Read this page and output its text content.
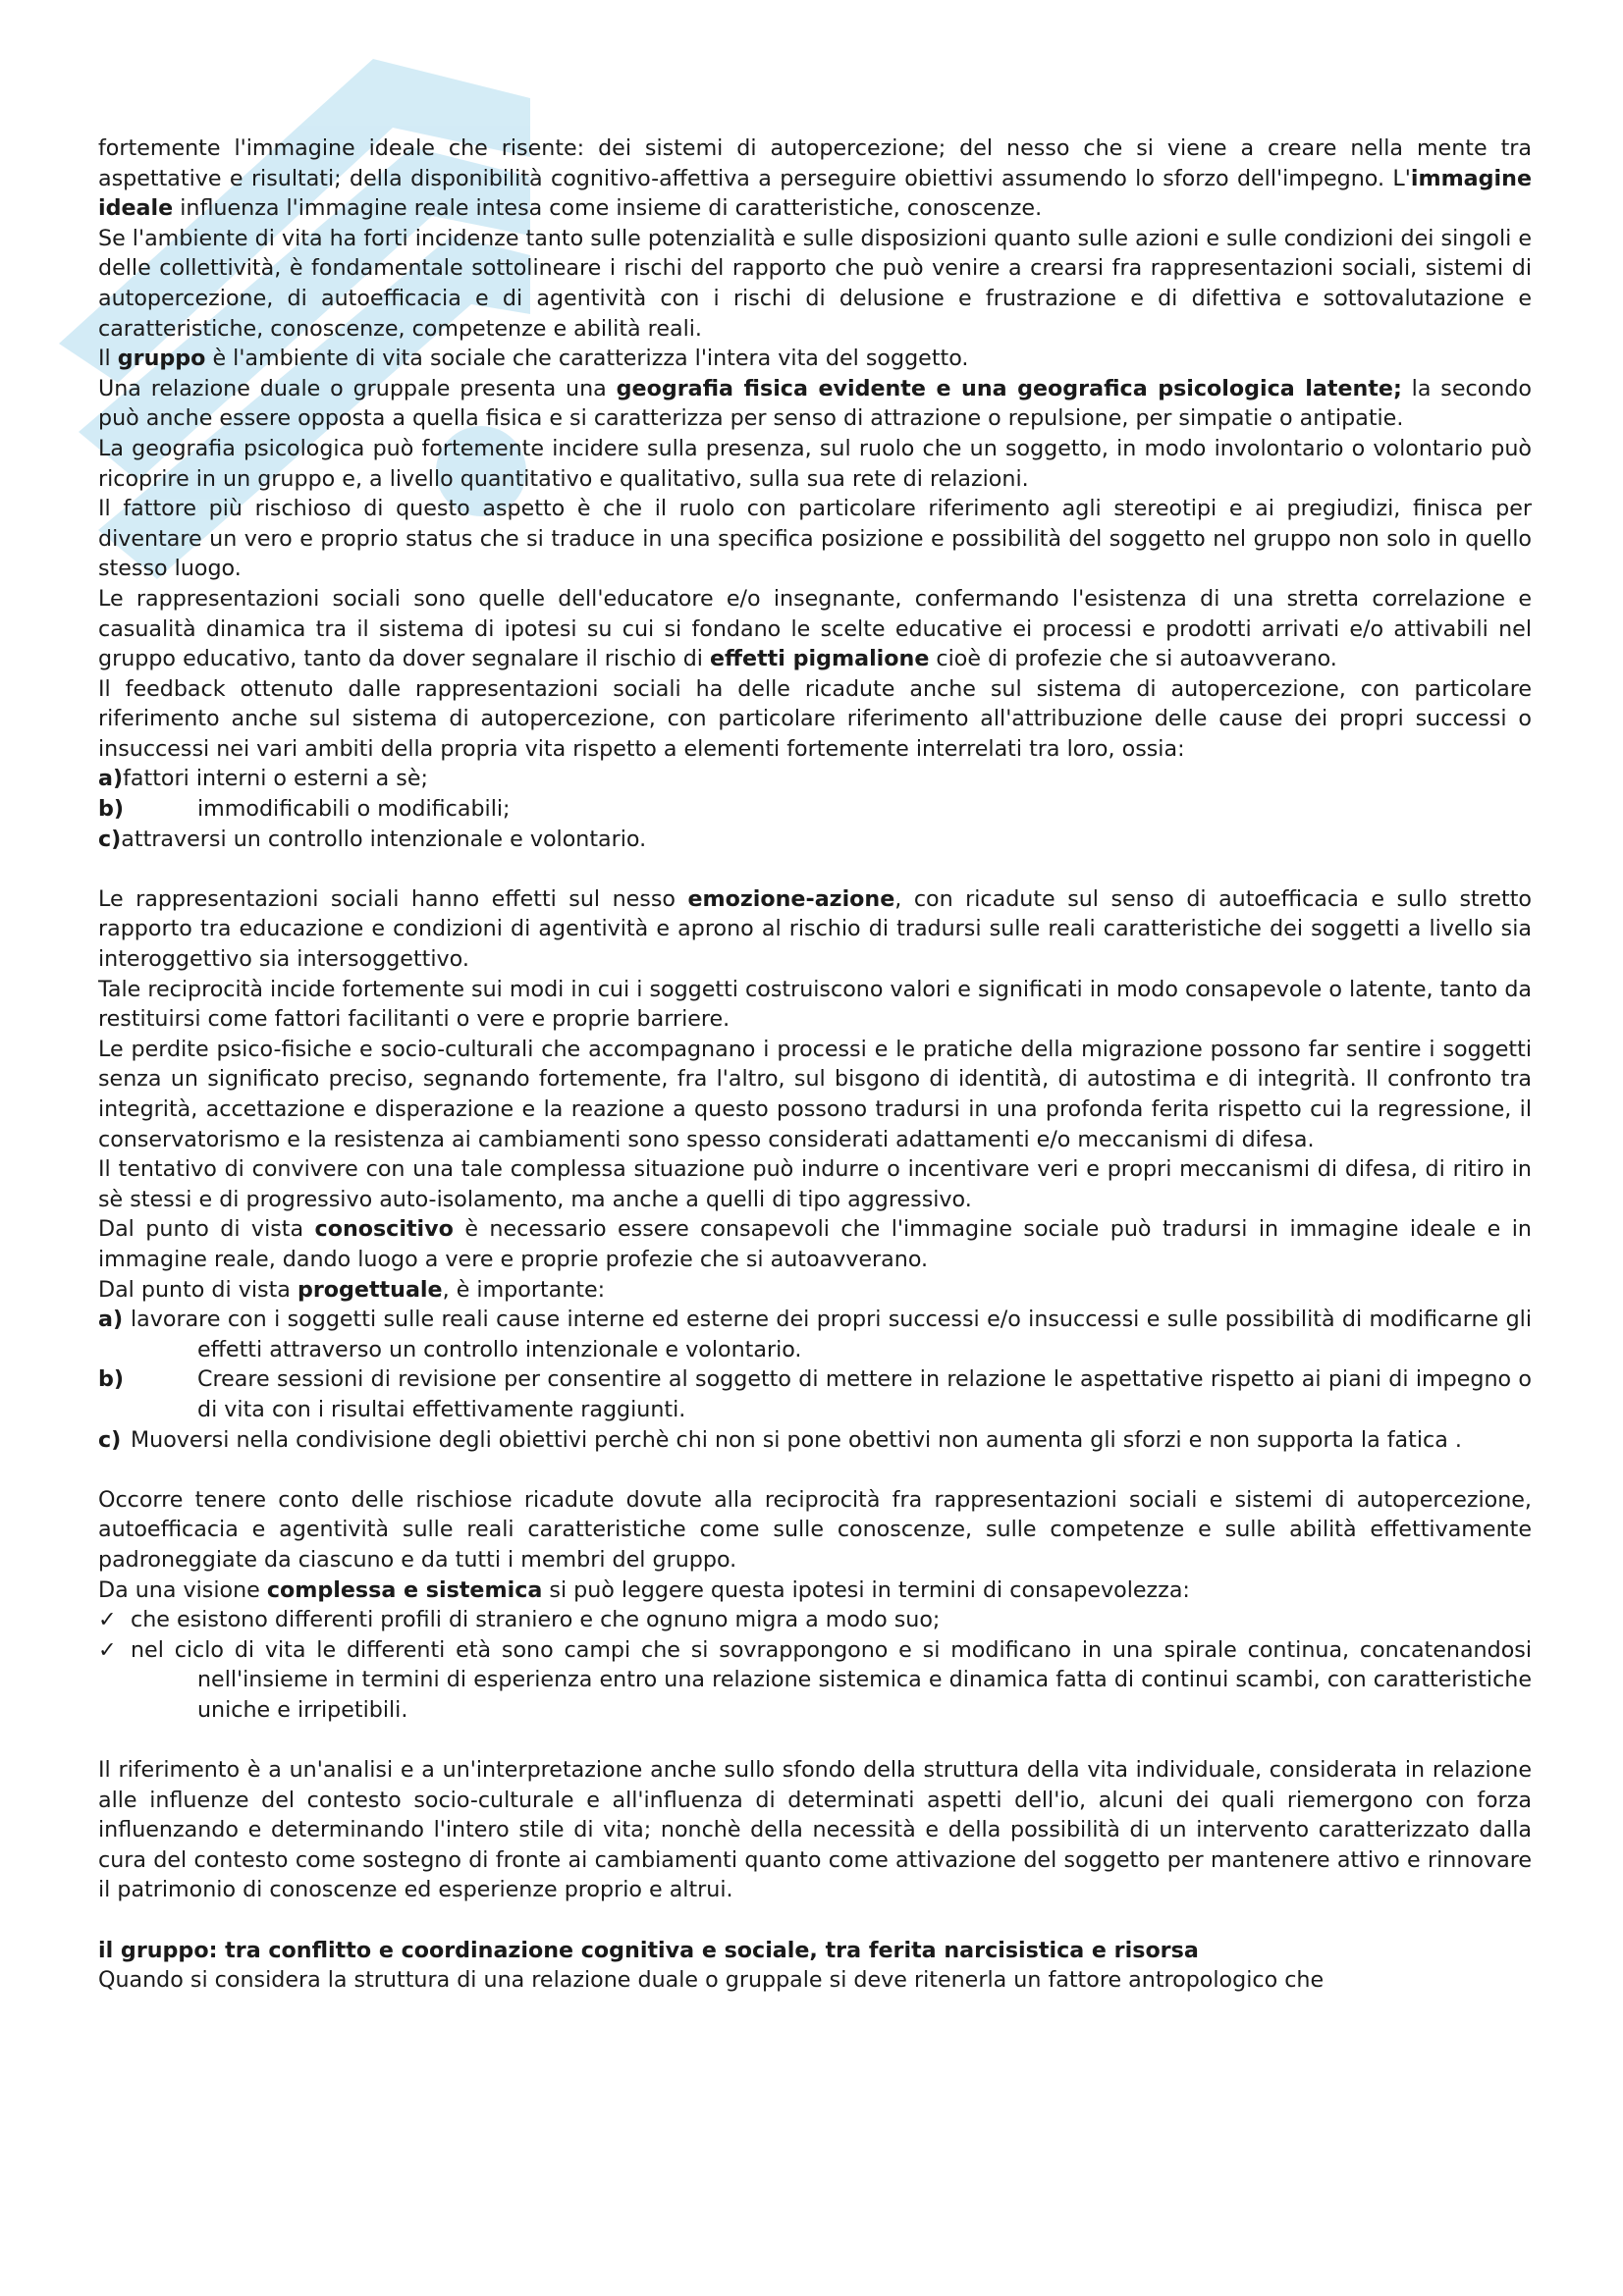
fortemente l'immagine ideale che risente: dei sistemi di autopercezione; del nesso che si viene a creare nella mente tra aspettative e risultati; della disponibilità cognitivo-affettiva a perseguire obiettivi assumendo lo sforzo dell'impegno. L'immagine ideale influenza l'immagine reale intesa come insieme di caratteristiche, conoscenze.

Se l'ambiente di vita ha forti incidenze tanto sulle potenzialità e sulle disposizioni quanto sulle azioni e sulle condizioni dei singoli e delle collettività, è fondamentale sottolineare i rischi del rapporto che può venire a crearsi fra rappresentazioni sociali, sistemi di autopercezione, di autoefficacia e di agentività con i rischi di delusione e frustrazione e di difettiva e sottovalutazione e caratteristiche, conoscenze, competenze e abilità reali.

Il gruppo è l'ambiente di vita sociale che caratterizza l'intera vita del soggetto.

Una relazione duale o gruppale presenta una geografia fisica evidente e una geografica psicologica latente; la secondo può anche essere opposta a quella fisica e si caratterizza per senso di attrazione o repulsione, per simpatie o antipatie.

La geografia psicologica può fortemente incidere sulla presenza, sul ruolo che un soggetto, in modo involontario o volontario può ricoprire in un gruppo e, a livello quantitativo e qualitativo, sulla sua rete di relazioni.

Il fattore più rischioso di questo aspetto è che il ruolo con particolare riferimento agli stereotipi e ai pregiudizi, finisca per diventare un vero e proprio status che si traduce in una specifica posizione e possibilità del soggetto nel gruppo non solo in quello stesso luogo.

Le rappresentazioni sociali sono quelle dell'educatore e/o insegnante, confermando l'esistenza di una stretta correlazione e casualità dinamica tra il sistema di ipotesi su cui si fondano le scelte educative ei processi e prodotti arrivati e/o attivabili nel gruppo educativo, tanto da dover segnalare il rischio di effetti pigmalione cioè di profezie che si autoavverano.

Il feedback ottenuto dalle rappresentazioni sociali ha delle ricadute anche sul sistema di autopercezione, con particolare riferimento anche sul sistema di autopercezione, con particolare riferimento all'attribuzione delle cause dei propri successi o insuccessi nei vari ambiti della propria vita rispetto a elementi fortemente interrelati tra loro, ossia:

a)fattori interni o esterni a sè;

b)	immodificabili o modificabili;

c)attraversi un controllo intenzionale e volontario.

Le rappresentazioni sociali hanno effetti sul nesso emozione-azione, con ricadute sul senso di autoefficacia e sullo stretto rapporto tra educazione e condizioni di agentività e aprono al rischio di tradursi sulle reali caratteristiche dei soggetti a livello sia interoggettivo sia intersoggettivo.

Tale reciprocità incide fortemente sui modi in cui i soggetti costruiscono valori e significati in modo consapevole o latente, tanto da restituirsi come fattori facilitanti o vere e proprie barriere.

Le perdite psico-fisiche e socio-culturali che accompagnano i processi e le pratiche della migrazione possono far sentire i soggetti senza un significato preciso, segnando fortemente, fra l'altro, sul bisgono di identità, di autostima e di integrità. Il confronto tra integrità, accettazione e disperazione e la reazione a questo possono tradursi in una profonda ferita rispetto cui la regressione, il conservatorismo e la resistenza ai cambiamenti sono spesso considerati adattamenti e/o meccanismi di difesa.

Il tentativo di convivere con una tale complessa situazione può indurre o incentivare veri e propri meccanismi di difesa, di ritiro in sè stessi e di progressivo auto-isolamento, ma anche a quelli di tipo aggressivo.

Dal punto di vista conoscitivo è necessario essere consapevoli che l'immagine sociale può tradursi in immagine ideale e in immagine reale, dando luogo a vere e proprie profezie che si autoavverano.

Dal punto di vista progettuale, è importante:

a) lavorare con i soggetti sulle reali cause interne ed esterne dei propri successi e/o insuccessi e sulle possibilità di modificarne gli effetti attraverso un controllo intenzionale e volontario.

b)	Creare sessioni di revisione per consentire al soggetto di mettere in relazione le aspettative rispetto ai piani di impegno o di vita con i risultai effettivamente raggiunti.

c) Muoversi nella condivisione degli obiettivi perchè chi non si pone obettivi non aumenta gli sforzi e non supporta la fatica .

Occorre tenere conto delle rischiose ricadute dovute alla reciprocità fra rappresentazioni sociali e sistemi di autopercezione, autoefficacia e agentività sulle reali caratteristiche come sulle conoscenze, sulle competenze e sulle abilità effettivamente padroneggiate da ciascuno e da tutti i membri del gruppo.

Da una visione complessa e sistemica si può leggere questa ipotesi in termini di consapevolezza:

✓ che esistono differenti profili di straniero e che ognuno migra a modo suo;

✓ nel ciclo di vita le differenti età sono campi che si sovrappongono e si modificano in una spirale continua, concatenandosi nell'insieme in termini di esperienza entro una relazione sistemica e dinamica fatta di continui scambi, con caratteristiche uniche e irripetibili.

Il riferimento è a un'analisi e a un'interpretazione anche sullo sfondo della struttura della vita individuale, considerata in relazione alle influenze del contesto socio-culturale e all'influenza di determinati aspetti dell'io, alcuni dei quali riemergono con forza influenzando e determinando l'intero stile di vita; nonchè della necessità e della possibilità di un intervento caratterizzato dalla cura del contesto come sostegno di fronte ai cambiamenti quanto come attivazione del soggetto per mantenere attivo e rinnovare il patrimonio di conoscenze ed esperienze proprio e altrui.

il gruppo: tra conflitto e coordinazione cognitiva e sociale, tra ferita narcisistica e risorsa

Quando si considera la struttura di una relazione duale o gruppale si deve ritenerla un fattore antropologico che
